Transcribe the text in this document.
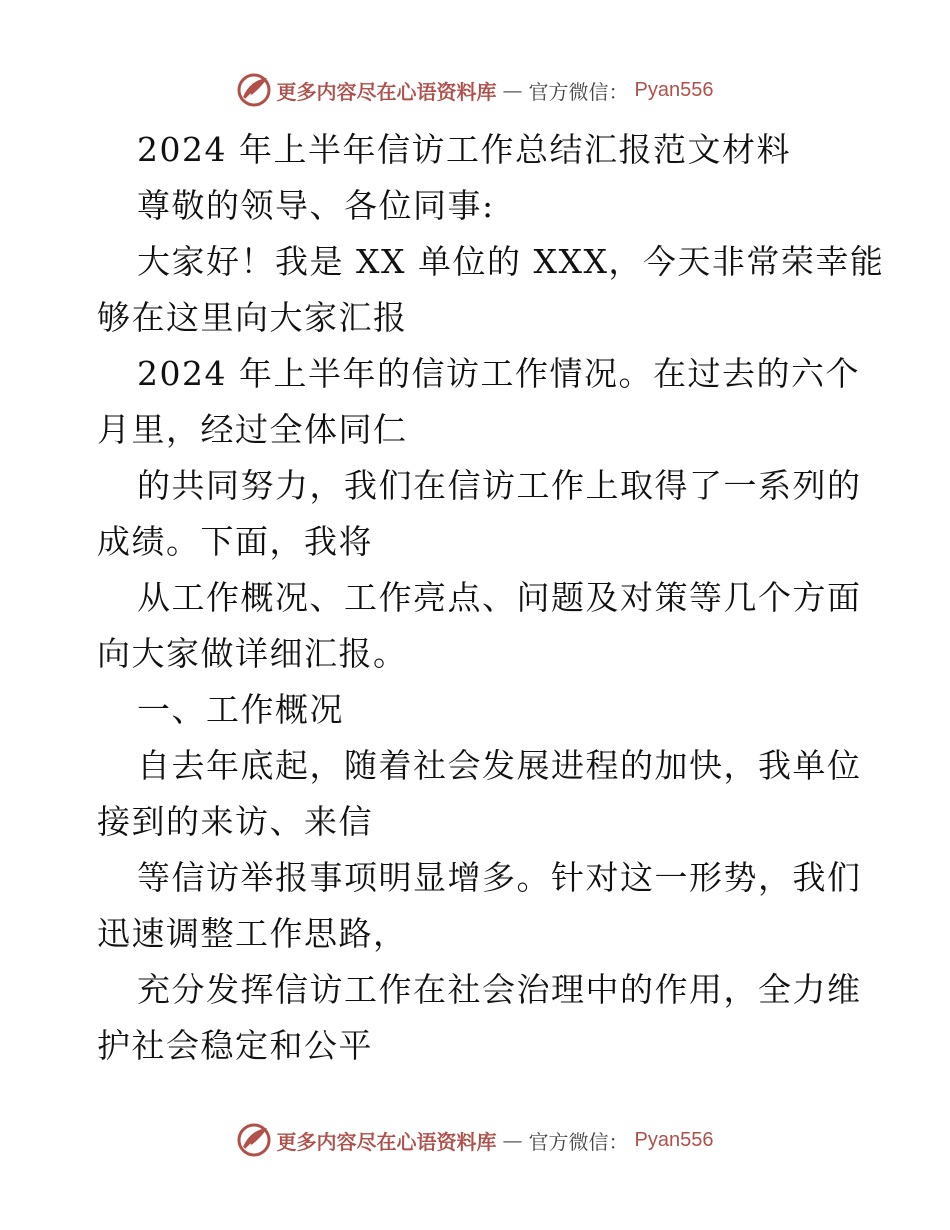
更多内容尽在心语资料库 — 官方微信： Pyan556
2024 年上半年信访工作总结汇报范文材料
尊敬的领导、各位同事:
大家好！我是 XX 单位的 XXX，今天非常荣幸能
够在这里向大家汇报
2024 年上半年的信访工作情况。在过去的六个
月里，经过全体同仁
的共同努力，我们在信访工作上取得了一系列的
成绩。下面，我将
从工作概况、工作亮点、问题及对策等几个方面
向大家做详细汇报。
一、工作概况
自去年底起，随着社会发展进程的加快，我单位
接到的来访、来信
等信访举报事项明显增多。针对这一形势，我们
迅速调整工作思路，
充分发挥信访工作在社会治理中的作用，全力维
护社会稳定和公平
更多内容尽在心语资料库 — 官方微信： Pyan556
